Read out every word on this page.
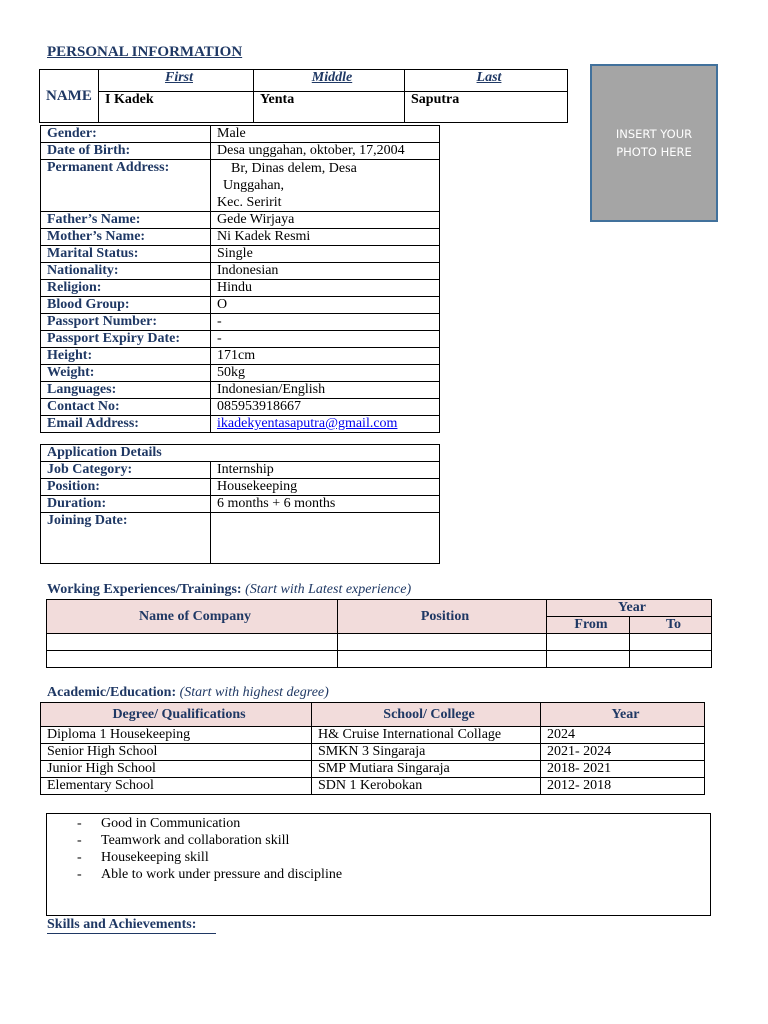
PERSONAL INFORMATION
NAME	First	Middle	Last
	I Kadek	Yenta	Saputra
INSERT YOUR
PHOTO HERE
Gender:	Male
Date of Birth:	Desa unggahan, oktober, 17,2004
Permanent Address:	Br, Dinas delem, Desa
Unggahan,
Kec. Seririt

Father’s Name:	Gede Wirjaya
Mother’s Name:	Ni Kadek Resmi
Marital Status:	Single
Nationality:	Indonesian
Religion:	Hindu
Blood Group:	O
Passport Number:	-
Passport Expiry Date:	-
Height:	171cm
Weight:	50kg
Languages:	Indonesian/English
Contact No:	085953918667
Email Address:	ikadekyentasaputra@gmail.com
Application Details	
Job Category:	Internship
Position:	Housekeeping
Duration:	6 months + 6 months
Joining Date:	
Working Experiences/Trainings: (Start with Latest experience)
Name of Company	Position	Year	
		From	To

Academic/Education: (Start with highest degree)
Degree/ Qualifications	School/ College	Year
Diploma 1 Housekeeping	H& Cruise International Collage	2024
Senior High School	SMKN 3 Singaraja	2021- 2024
Junior High School	SMP Mutiara Singaraja	2018- 2021
Elementary School	SDN 1 Kerobokan	2012- 2018
- Good in Communication
- Teamwork and collaboration skill
- Housekeeping skill
- Able to work under pressure and discipline
Skills and Achievements:
